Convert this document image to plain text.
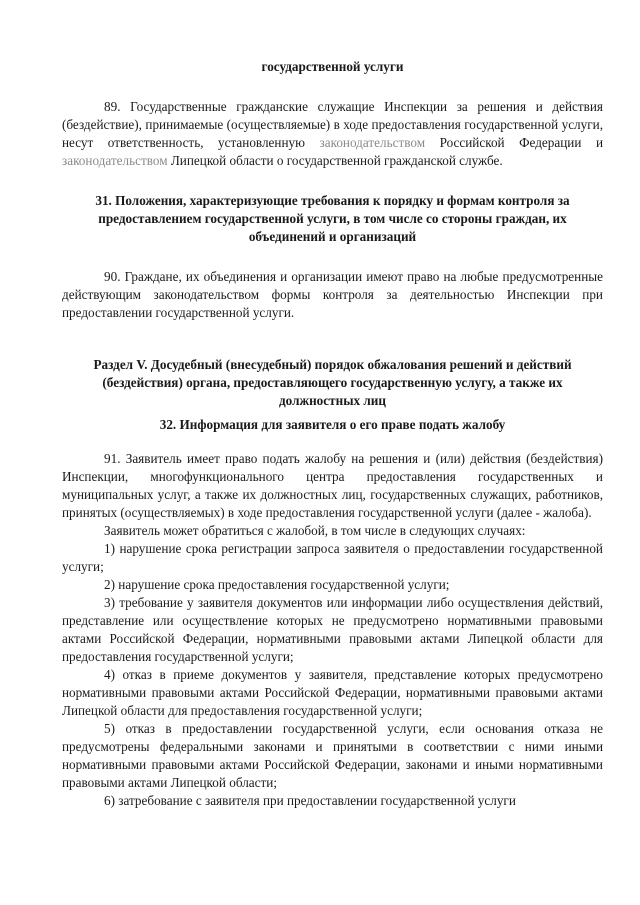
государственной услуги

89. Государственные гражданские служащие Инспекции за решения и действия (бездействие), принимаемые (осуществляемые) в ходе предоставления государственной услуги, несут ответственность, установленную законодательством Российской Федерации и законодательством Липецкой области о государственной гражданской службе.

31. Положения, характеризующие требования к порядку и формам контроля за предоставлением государственной услуги, в том числе со стороны граждан, их объединений и организаций

90. Граждане, их объединения и организации имеют право на любые предусмотренные действующим законодательством формы контроля за деятельностью Инспекции при предоставлении государственной услуги.

Раздел V. Досудебный (внесудебный) порядок обжалования решений и действий (бездействия) органа, предоставляющего государственную услугу, а также их должностных лиц
32. Информация для заявителя о его праве подать жалобу

91. Заявитель имеет право подать жалобу на решения и (или) действия (бездействия) Инспекции, многофункционального центра предоставления государственных и муниципальных услуг, а также их должностных лиц, государственных служащих, работников, принятых (осуществляемых) в ходе предоставления государственной услуги (далее - жалоба).

Заявитель может обратиться с жалобой, в том числе в следующих случаях:

1) нарушение срока регистрации запроса заявителя о предоставлении государственной услуги;

2) нарушение срока предоставления государственной услуги;

3) требование у заявителя документов или информации либо осуществления действий, представление или осуществление которых не предусмотрено нормативными правовыми актами Российской Федерации, нормативными правовыми актами Липецкой области для предоставления государственной услуги;

4) отказ в приеме документов у заявителя, представление которых предусмотрено нормативными правовыми актами Российской Федерации, нормативными правовыми актами Липецкой области для предоставления государственной услуги;

5) отказ в предоставлении государственной услуги, если основания отказа не предусмотрены федеральными законами и принятыми в соответствии с ними иными нормативными правовыми актами Российской Федерации, законами и иными нормативными правовыми актами Липецкой области;

6) затребование с заявителя при предоставлении государственной услуги
